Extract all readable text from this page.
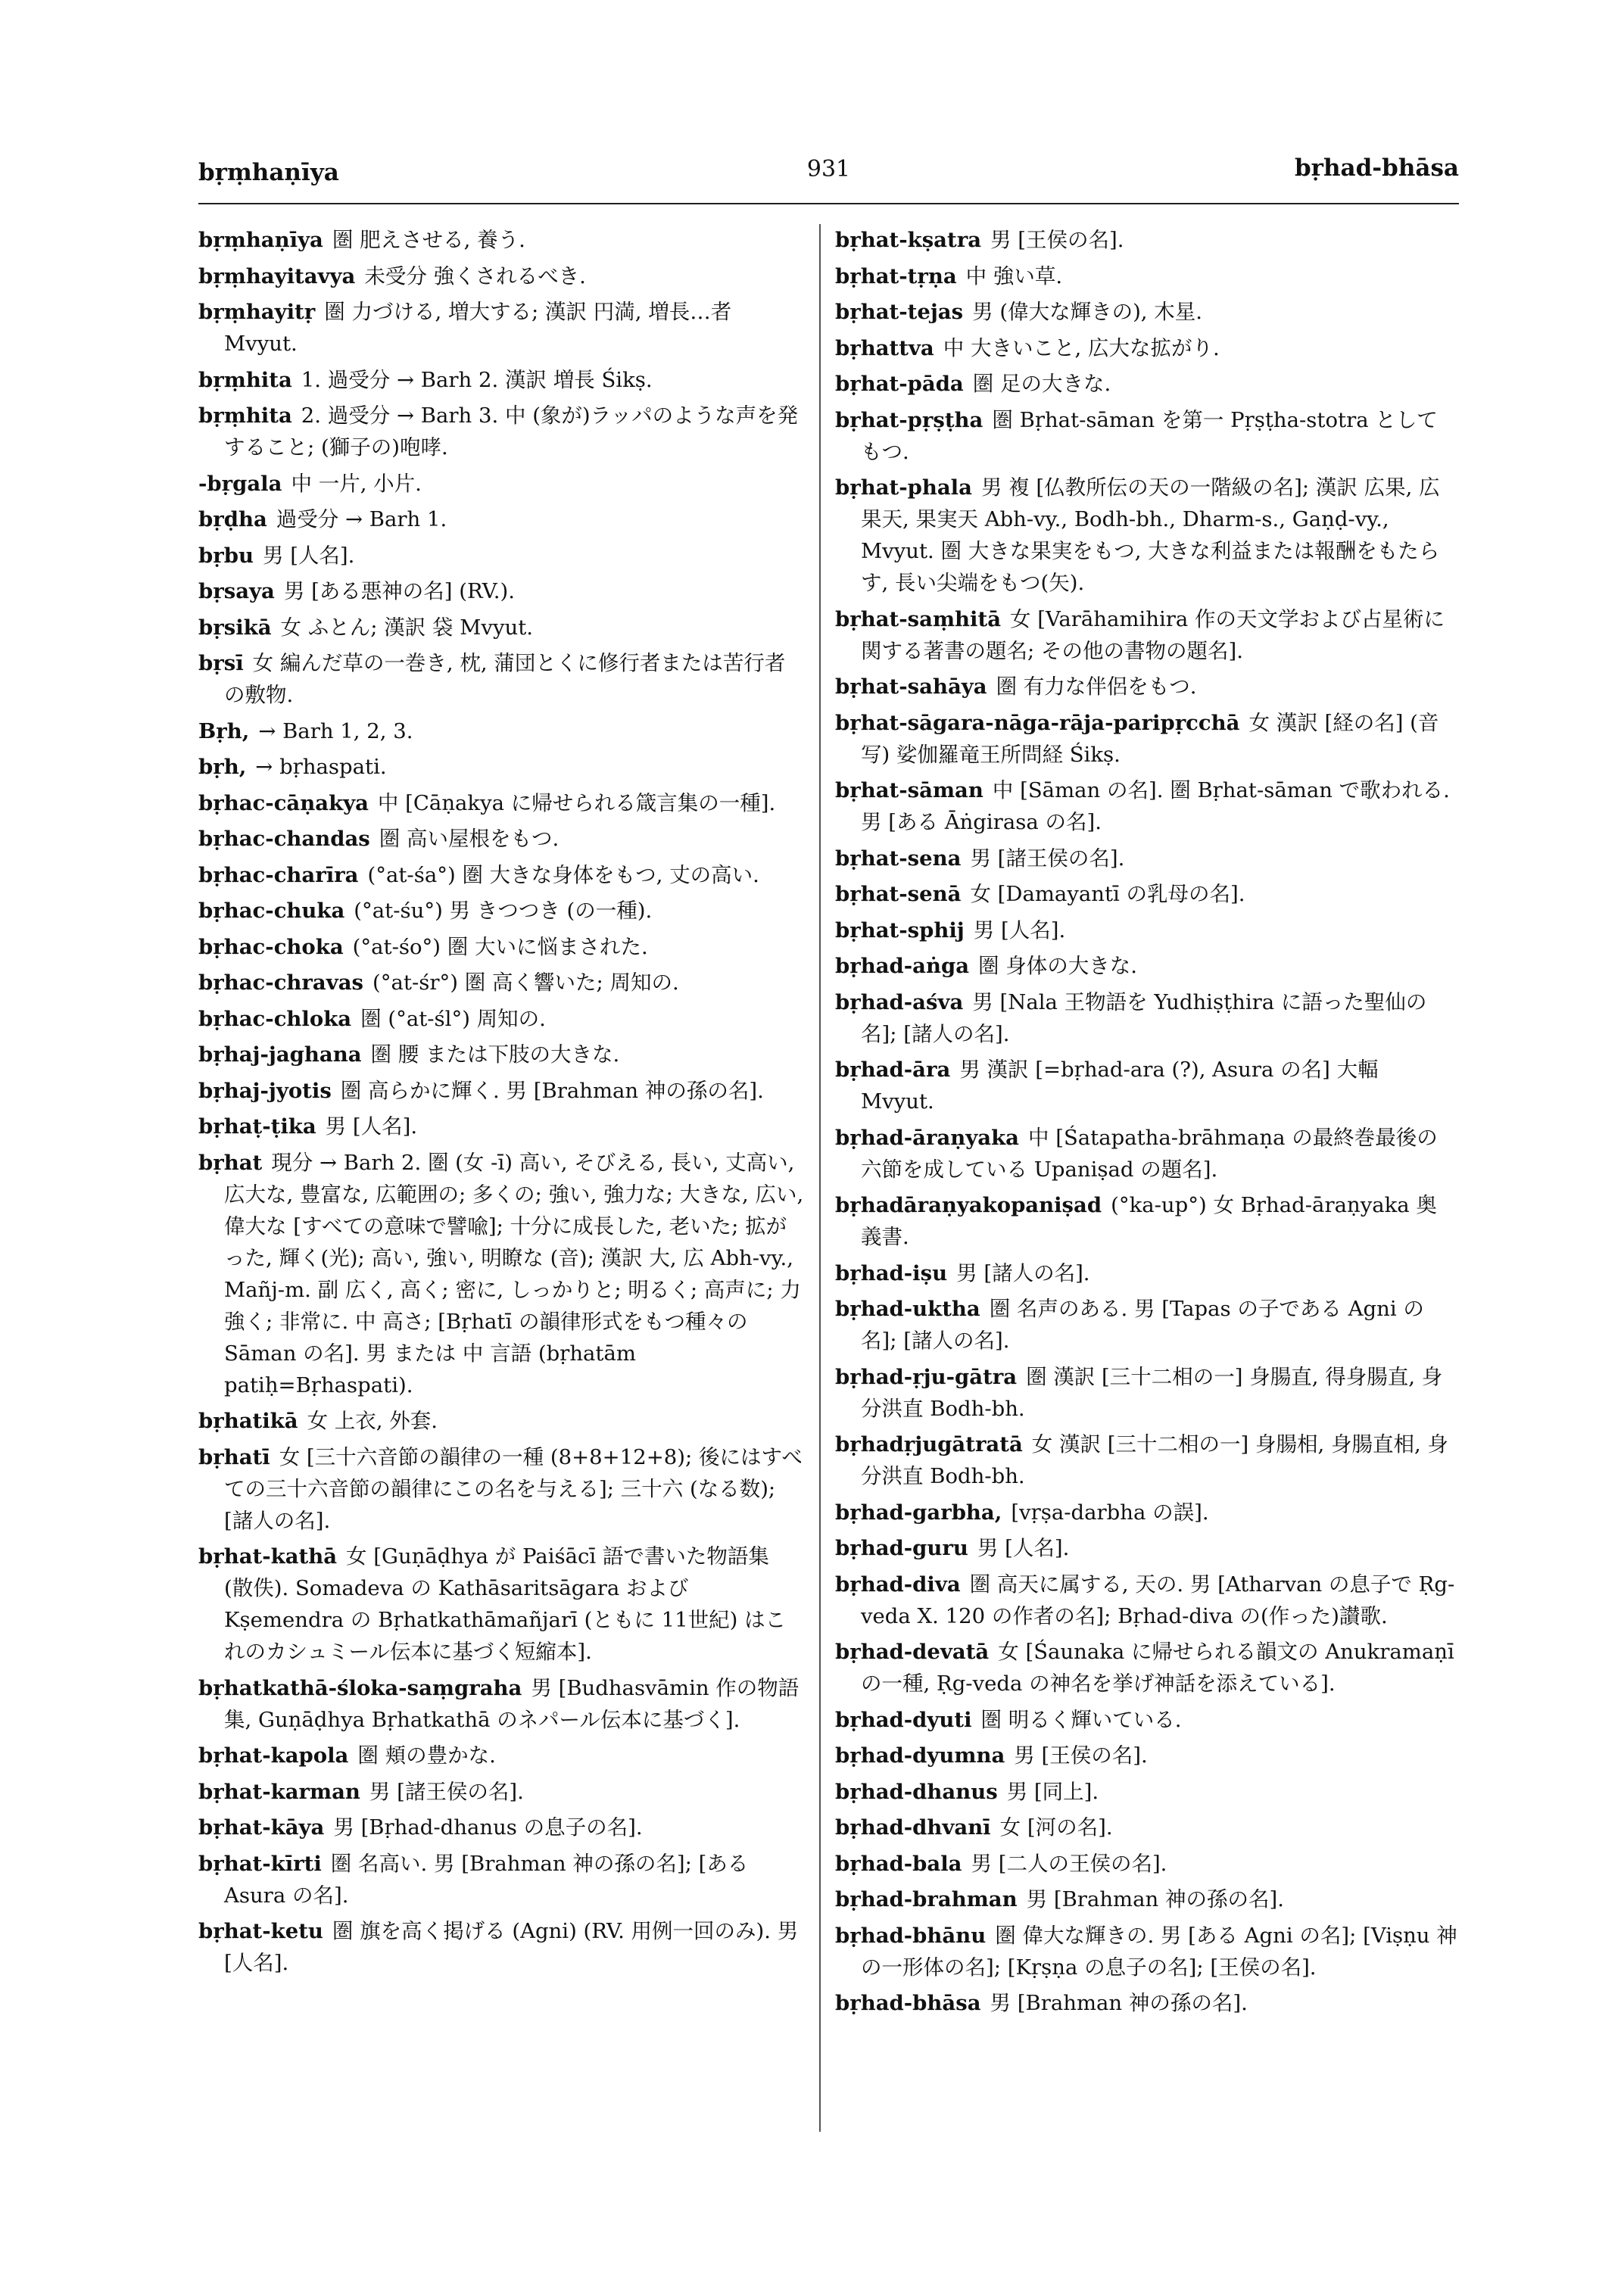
bṛṃhaṇīya	931	bṛhad-bhāsa

bṛṃhaṇīya 圏 肥えさせる, 養う.

bṛṃhayitavya 未受分 強くされるべき.

bṛṃhayitṛ 圏 力づける, 増大する; 漢訳 円満, 増長…者 Mvyut.

bṛṃhita 1. 過受分 → Barh 2. 漢訳 増長 Śikṣ.

bṛṃhita 2. 過受分 → Barh 3. 中 (象が)ラッパのような声を発すること; (獅子の)咆哮.

-bṛgala 中 一片, 小片.

bṛḍha 過受分 → Barh 1.

bṛbu 男 [人名].

bṛsaya 男 [ある悪神の名] (RV.).

bṛsikā 女 ふとん; 漢訳 袋 Mvyut.

bṛsī 女 編んだ草の一巻き, 枕, 蒲団とくに修行者または苦行者の敷物.

Bṛh, → Barh 1, 2, 3.

bṛh, → bṛhaspati.

bṛhac-cāṇakya 中 [Cāṇakya に帰せられる箴言集の一種].

bṛhac-chandas 圏 高い屋根をもつ.

bṛhac-charīra (°at-śa°) 圏 大きな身体をもつ, 丈の高い.

bṛhac-chuka (°at-śu°) 男 きつつき (の一種).

bṛhac-choka (°at-śo°) 圏 大いに悩まされた.

bṛhac-chravas (°at-śr°) 圏 高く響いた; 周知の.

bṛhac-chloka 圏 (°at-śl°) 周知の.

bṛhaj-jaghana 圏 腰 または下肢の大きな.

bṛhaj-jyotis 圏 高らかに輝く. 男 [Brahman 神の孫の名].

bṛhaṭ-ṭika 男 [人名].

bṛhat 現分 → Barh 2. 圏 (女 -ī) 高い, そびえる, 長い, 丈高い, 広大な, 豊富な, 広範囲の; 多くの; 強い, 強力な; 大きな, 広い, 偉大な [すべての意味で譬喩]; 十分に成長した, 老いた; 拡がった, 輝く(光); 高い, 強い, 明瞭な (音); 漢訳 大, 広 Abh-vy., Mañj-m. 副 広く, 高く; 密に, しっかりと; 明るく; 高声に; 力強く; 非常に. 中 高さ; [Bṛhatī の韻律形式をもつ種々の Sāman の名]. 男 または 中 言語 (bṛhatām patiḥ=Bṛhaspati).

bṛhatikā 女 上衣, 外套.

bṛhatī 女 [三十六音節の韻律の一種 (8+8+12+8); 後にはすべての三十六音節の韻律にこの名を与える]; 三十六 (なる数); [諸人の名].

bṛhat-kathā 女 [Guṇāḍhya が Paiśācī 語で書いた物語集 (散佚). Somadeva の Kathāsaritsāgara および Kṣemendra の Bṛhatkathāmañjarī (ともに 11世紀) はこれのカシュミール伝本に基づく短縮本].

bṛhatkathā-śloka-saṃgraha 男 [Budhasvāmin 作の物語集, Guṇāḍhya Bṛhatkathā のネパール伝本に基づく].

bṛhat-kapola 圏 頬の豊かな.

bṛhat-karman 男 [諸王侯の名].

bṛhat-kāya 男 [Bṛhad-dhanus の息子の名].

bṛhat-kīrti 圏 名高い. 男 [Brahman 神の孫の名]; [ある Asura の名].

bṛhat-ketu 圏 旗を高く掲げる (Agni) (RV. 用例一回のみ). 男 [人名].

bṛhat-kṣatra 男 [王侯の名].

bṛhat-tṛṇa 中 強い草.

bṛhat-tejas 男 (偉大な輝きの), 木星.

bṛhattva 中 大きいこと, 広大な拡がり.

bṛhat-pāda 圏 足の大きな.

bṛhat-pṛṣṭha 圏 Bṛhat-sāman を第一 Pṛṣṭha-stotra としてもつ.

bṛhat-phala 男 複 [仏教所伝の天の一階級の名]; 漢訳 広果, 広果天, 果実天 Abh-vy., Bodh-bh., Dharm-s., Gaṇḍ-vy., Mvyut. 圏 大きな果実をもつ, 大きな利益または報酬をもたらす, 長い尖端をもつ(矢).

bṛhat-saṃhitā 女 [Varāhamihira 作の天文学および占星術に関する著書の題名; その他の書物の題名].

bṛhat-sahāya 圏 有力な伴侶をもつ.

bṛhat-sāgara-nāga-rāja-paripṛcchā 女 漢訳 [経の名] (音写) 娑伽羅竜王所問経 Śikṣ.

bṛhat-sāman 中 [Sāman の名]. 圏 Bṛhat-sāman で歌われる. 男 [ある Āṅgirasa の名].

bṛhat-sena 男 [諸王侯の名].

bṛhat-senā 女 [Damayantī の乳母の名].

bṛhat-sphij 男 [人名].

bṛhad-aṅga 圏 身体の大きな.

bṛhad-aśva 男 [Nala 王物語を Yudhiṣṭhira に語った聖仙の名]; [諸人の名].

bṛhad-āra 男 漢訳 [=bṛhad-ara (?), Asura の名] 大輻 Mvyut.

bṛhad-āraṇyaka 中 [Śatapatha-brāhmaṇa の最終巻最後の六節を成している Upaniṣad の題名].

bṛhadāraṇyakopaniṣad (°ka-up°) 女 Bṛhad-āraṇyaka 奥義書.

bṛhad-iṣu 男 [諸人の名].

bṛhad-uktha 圏 名声のある. 男 [Tapas の子である Agni の名]; [諸人の名].

bṛhad-ṛju-gātra 圏 漢訳 [三十二相の一] 身腸直, 得身腸直, 身分洪直 Bodh-bh.

bṛhadṛjugātratā 女 漢訳 [三十二相の一] 身腸相, 身腸直相, 身分洪直 Bodh-bh.

bṛhad-garbha, [vṛṣa-darbha の誤].

bṛhad-guru 男 [人名].

bṛhad-diva 圏 高天に属する, 天の. 男 [Atharvan の息子で Ṛg-veda X. 120 の作者の名]; Bṛhad-diva の(作った)讃歌.

bṛhad-devatā 女 [Śaunaka に帰せられる韻文の Anukramaṇī の一種, Ṛg-veda の神名を挙げ神話を添えている].

bṛhad-dyuti 圏 明るく輝いている.

bṛhad-dyumna 男 [王侯の名].

bṛhad-dhanus 男 [同上].

bṛhad-dhvanī 女 [河の名].

bṛhad-bala 男 [二人の王侯の名].

bṛhad-brahman 男 [Brahman 神の孫の名].

bṛhad-bhānu 圏 偉大な輝きの. 男 [ある Agni の名]; [Viṣṇu 神の一形体の名]; [Kṛṣṇa の息子の名]; [王侯の名].

bṛhad-bhāsa 男 [Brahman 神の孫の名].
